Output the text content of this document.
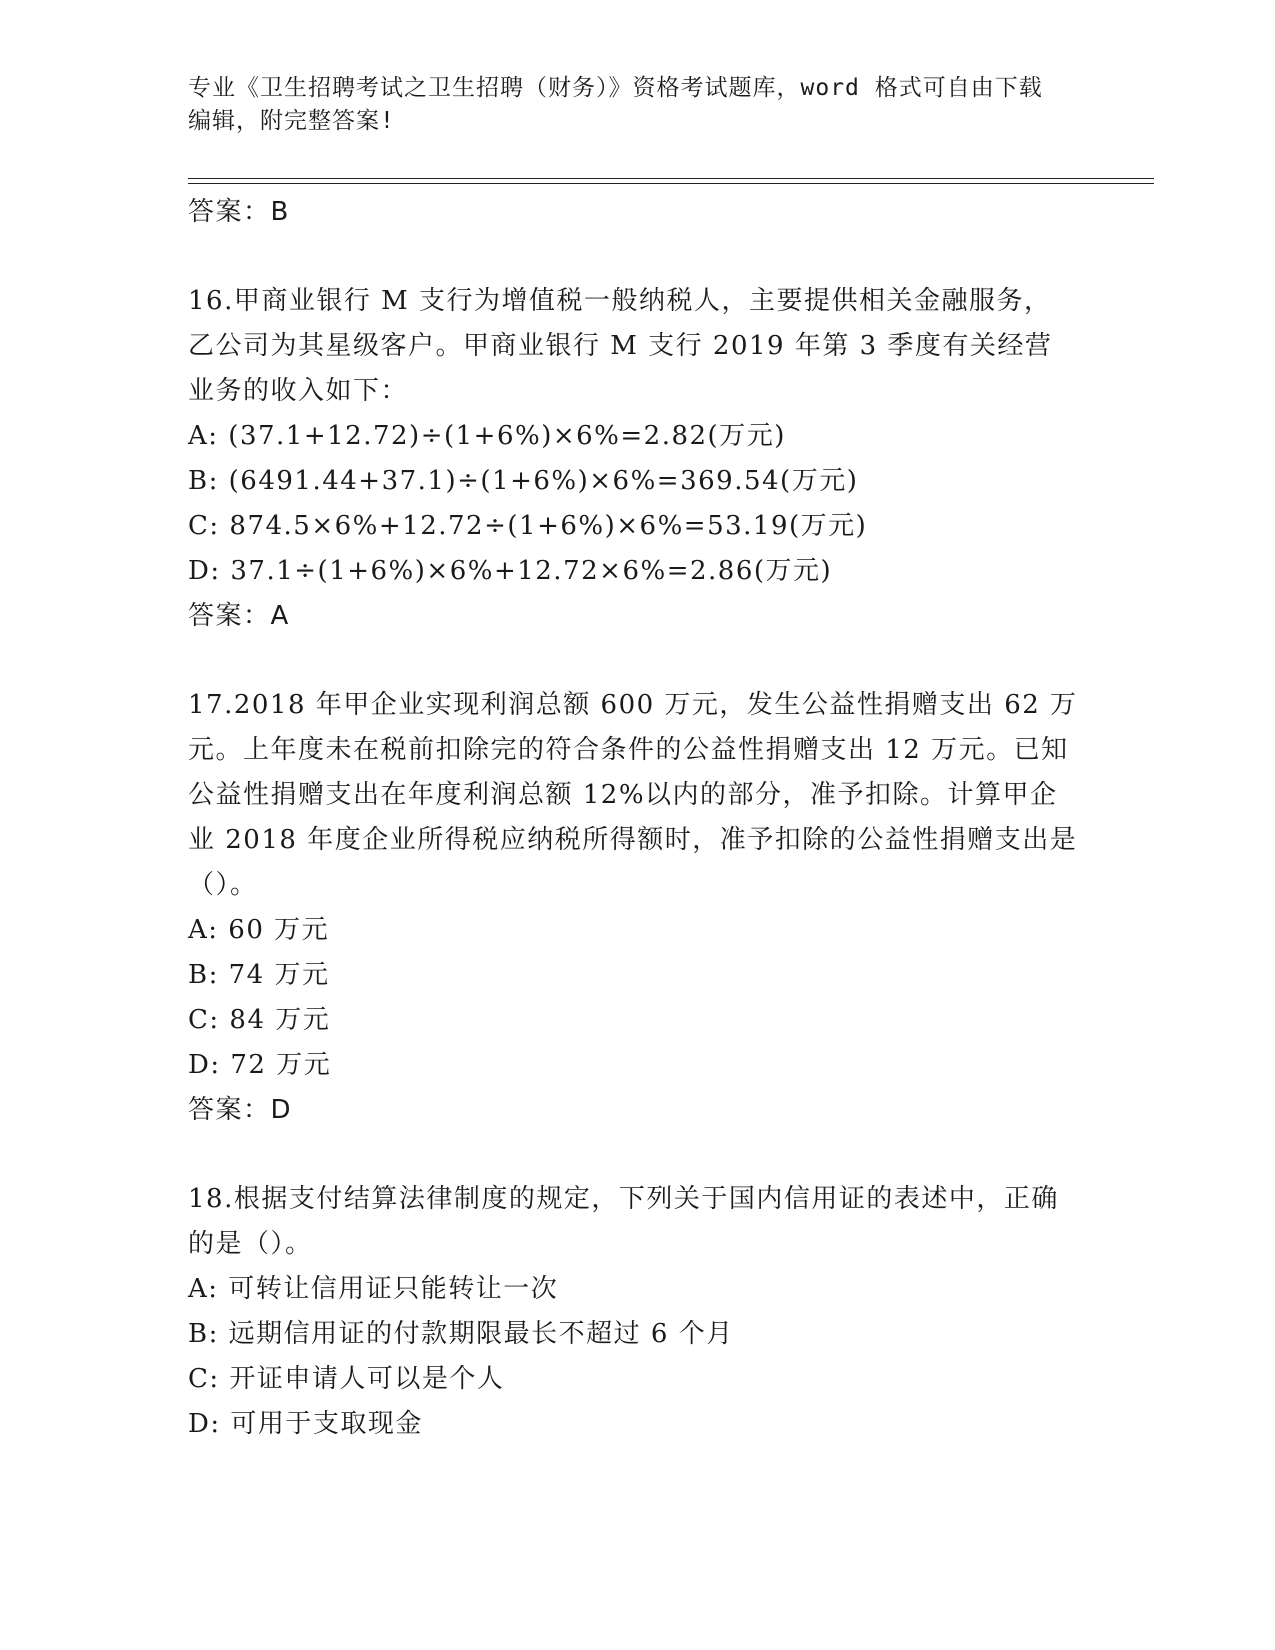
专业《卫生招聘考试之卫生招聘（财务）》资格考试题库，word 格式可自由下载

编辑，附完整答案!

答案：B

16.甲商业银行 M 支行为增值税一般纳税人，主要提供相关金融服务，乙公司为其星级客户。甲商业银行 M 支行 2019 年第 3 季度有关经营业务的收入如下：

A: (37.1+12.72)÷(1+6%)×6%=2.82(万元)

B: (6491.44+37.1)÷(1+6%)×6%=369.54(万元)

C: 874.5×6%+12.72÷(1+6%)×6%=53.19(万元)

D: 37.1÷(1+6%)×6%+12.72×6%=2.86(万元)

答案：A

17.2018 年甲企业实现利润总额 600 万元，发生公益性捐赠支出 62 万元。上年度未在税前扣除完的符合条件的公益性捐赠支出 12 万元。已知公益性捐赠支出在年度利润总额 12%以内的部分，准予扣除。计算甲企业 2018 年度企业所得税应纳税所得额时，准予扣除的公益性捐赠支出是（）。

A: 60 万元

B: 74 万元

C: 84 万元

D: 72 万元

答案：D

18.根据支付结算法律制度的规定，下列关于国内信用证的表述中，正确的是（）。

A: 可转让信用证只能转让一次

B: 远期信用证的付款期限最长不超过 6 个月

C: 开证申请人可以是个人

D: 可用于支取现金
